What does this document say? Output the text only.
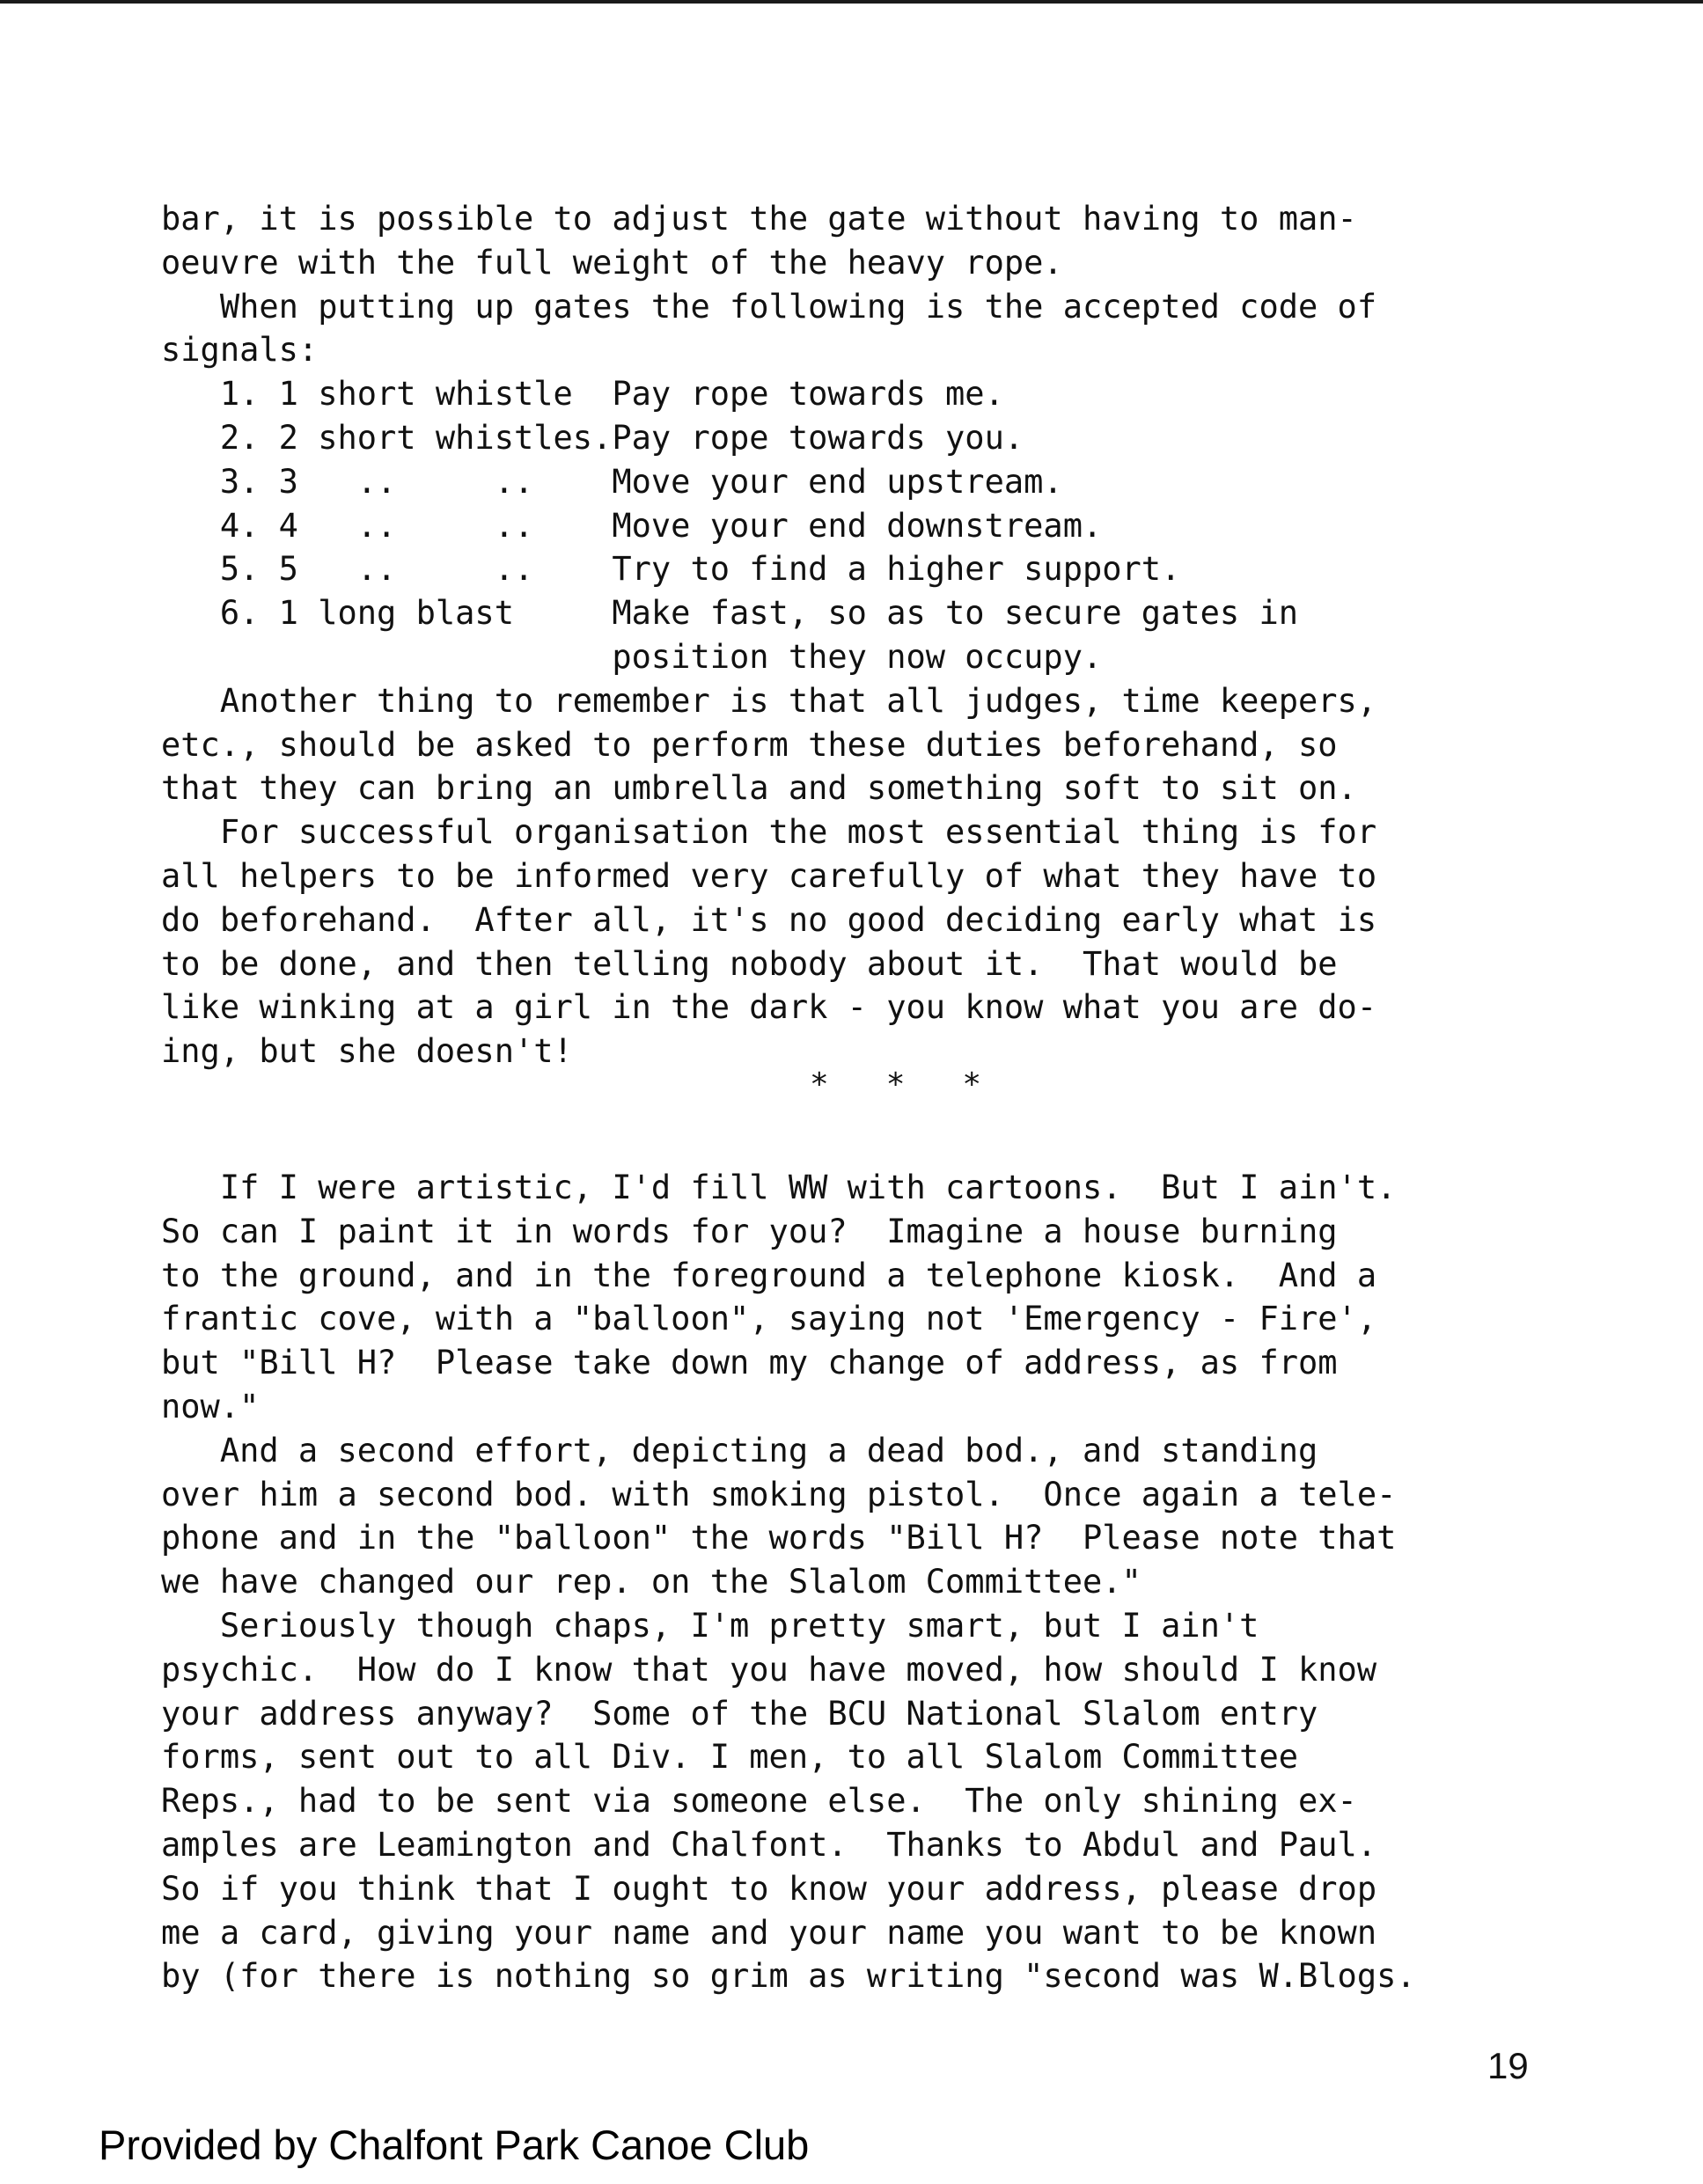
bar, it is possible to adjust the gate without having to man-
oeuvre with the full weight of the heavy rope.
When putting up gates the following is the accepted code of
signals:
1. 1 short whistle  Pay rope towards me.
2. 2 short whistles.Pay rope towards you.
3. 3   ..     ..    Move your end upstream.
4. 4   ..     ..    Move your end downstream.
5. 5   ..     ..    Try to find a higher support.
6. 1 long blast     Make fast, so as to secure gates in
position they now occupy.
Another thing to remember is that all judges, time keepers,
etc., should be asked to perform these duties beforehand, so
that they can bring an umbrella and something soft to sit on.
For successful organisation the most essential thing is for
all helpers to be informed very carefully of what they have to
do beforehand.  After all, it's no good deciding early what is
to be done, and then telling nobody about it.  That would be
like winking at a girl in the dark - you know what you are do-
ing, but she doesn't!
*   *   *
If I were artistic, I'd fill WW with cartoons.  But I ain't.
So can I paint it in words for you?  Imagine a house burning
to the ground, and in the foreground a telephone kiosk.  And a
frantic cove, with a "balloon", saying not 'Emergency - Fire',
but "Bill H?  Please take down my change of address, as from
now."
And a second effort, depicting a dead bod., and standing
over him a second bod. with smoking pistol.  Once again a tele-
phone and in the "balloon" the words "Bill H?  Please note that
we have changed our rep. on the Slalom Committee."
Seriously though chaps, I'm pretty smart, but I ain't
psychic.  How do I know that you have moved, how should I know
your address anyway?  Some of the BCU National Slalom entry
forms, sent out to all Div. I men, to all Slalom Committee
Reps., had to be sent via someone else.  The only shining ex-
amples are Leamington and Chalfont.  Thanks to Abdul and Paul.
So if you think that I ought to know your address, please drop
me a card, giving your name and your name you want to be known
by (for there is nothing so grim as writing "second was W.Blogs.
19
Provided by Chalfont Park Canoe Club
